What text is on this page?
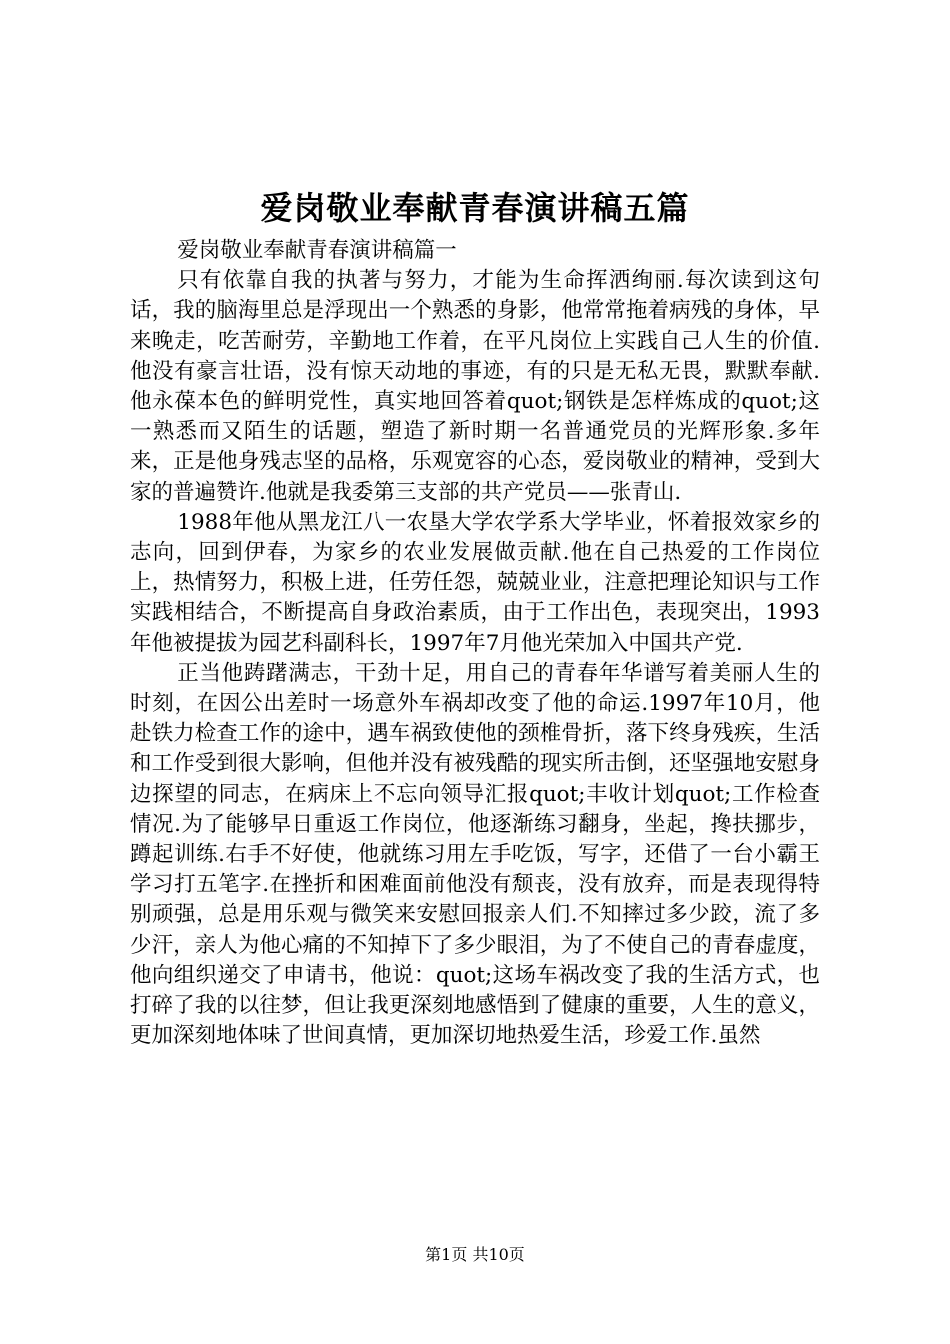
爱岗敬业奉献青春演讲稿五篇

爱岗敬业奉献青春演讲稿篇一

只有依靠自我的执著与努力，才能为生命挥洒绚丽.每次读到这句话，我的脑海里总是浮现出一个熟悉的身影，他常常拖着病残的身体，早来晚走，吃苦耐劳，辛勤地工作着，在平凡岗位上实践自己人生的价值.他没有豪言壮语，没有惊天动地的事迹，有的只是无私无畏，默默奉献.他永葆本色的鲜明党性，真实地回答着quot;钢铁是怎样炼成的quot;这一熟悉而又陌生的话题，塑造了新时期一名普通党员的光辉形象.多年来，正是他身残志坚的品格，乐观宽容的心态，爱岗敬业的精神，受到大家的普遍赞许.他就是我委第三支部的共产党员——张青山.

1988年他从黑龙江八一农垦大学农学系大学毕业，怀着报效家乡的志向，回到伊春，为家乡的农业发展做贡献.他在自己热爱的工作岗位上，热情努力，积极上进，任劳任怨，兢兢业业，注意把理论知识与工作实践相结合，不断提高自身政治素质，由于工作出色，表现突出，1993年他被提拔为园艺科副科长，1997年7月他光荣加入中国共产党.

正当他踌躇满志，干劲十足，用自己的青春年华谱写着美丽人生的时刻，在因公出差时一场意外车祸却改变了他的命运.1997年10月，他赴铁力检查工作的途中，遇车祸致使他的颈椎骨折，落下终身残疾，生活和工作受到很大影响，但他并没有被残酷的现实所击倒，还坚强地安慰身边探望的同志，在病床上不忘向领导汇报quot;丰收计划quot;工作检查情况.为了能够早日重返工作岗位，他逐渐练习翻身，坐起，搀扶挪步，蹲起训练.右手不好使，他就练习用左手吃饭，写字，还借了一台小霸王学习打五笔字.在挫折和困难面前他没有颓丧，没有放弃，而是表现得特别顽强，总是用乐观与微笑来安慰回报亲人们.不知摔过多少跤，流了多少汗，亲人为他心痛的不知掉下了多少眼泪，为了不使自己的青春虚度，他向组织递交了申请书，他说：quot;这场车祸改变了我的生活方式，也打碎了我的以往梦，但让我更深刻地感悟到了健康的重要，人生的意义，更加深刻地体味了世间真情，更加深切地热爱生活，珍爱工作.虽然

第1页 共10页
